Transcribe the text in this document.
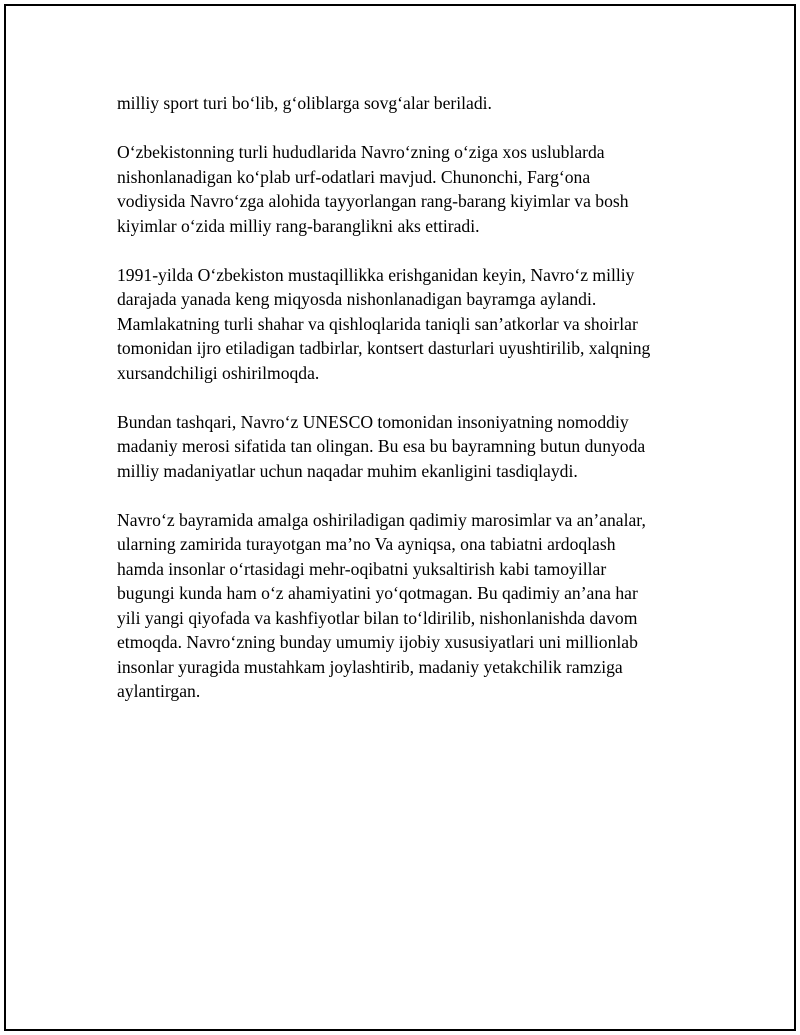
milliy sport turi bo‘lib, g‘oliblarga sovg‘alar beriladi.

O‘zbekistonning turli hududlarida Navro‘zning o‘ziga xos uslublarda
nishonlanadigan ko‘plab urf-odatlari mavjud. Chunonchi, Farg‘ona
vodiysida Navro‘zga alohida tayyorlangan rang-barang kiyimlar va bosh
kiyimlar o‘zida milliy rang-baranglikni aks ettiradi.

1991-yilda O‘zbekiston mustaqillikka erishganidan keyin, Navro‘z milliy
darajada yanada keng miqyosda nishonlanadigan bayramga aylandi.
Mamlakatning turli shahar va qishloqlarida taniqli san’atkorlar va shoirlar
tomonidan ijro etiladigan tadbirlar, kontsert dasturlari uyushtirilib, xalqning
xursandchiligi oshirilmoqda.

Bundan tashqari, Navro‘z UNESCO tomonidan insoniyatning nomoddiy
madaniy merosi sifatida tan olingan. Bu esa bu bayramning butun dunyoda
milliy madaniyatlar uchun naqadar muhim ekanligini tasdiqlaydi.

Navro‘z bayramida amalga oshiriladigan qadimiy marosimlar va an’analar,
ularning zamirida turayotgan ma’no Va ayniqsa, ona tabiatni ardoqlash
hamda insonlar o‘rtasidagi mehr-oqibatni yuksaltirish kabi tamoyillar
bugungi kunda ham o‘z ahamiyatini yo‘qotmagan. Bu qadimiy an’ana har
yili yangi qiyofada va kashfiyotlar bilan to‘ldirilib, nishonlanishda davom
etmoqda. Navro‘zning bunday umumiy ijobiy xususiyatlari uni millionlab
insonlar yuragida mustahkam joylashtirib, madaniy yetakchilik ramziga
aylantirgan.
